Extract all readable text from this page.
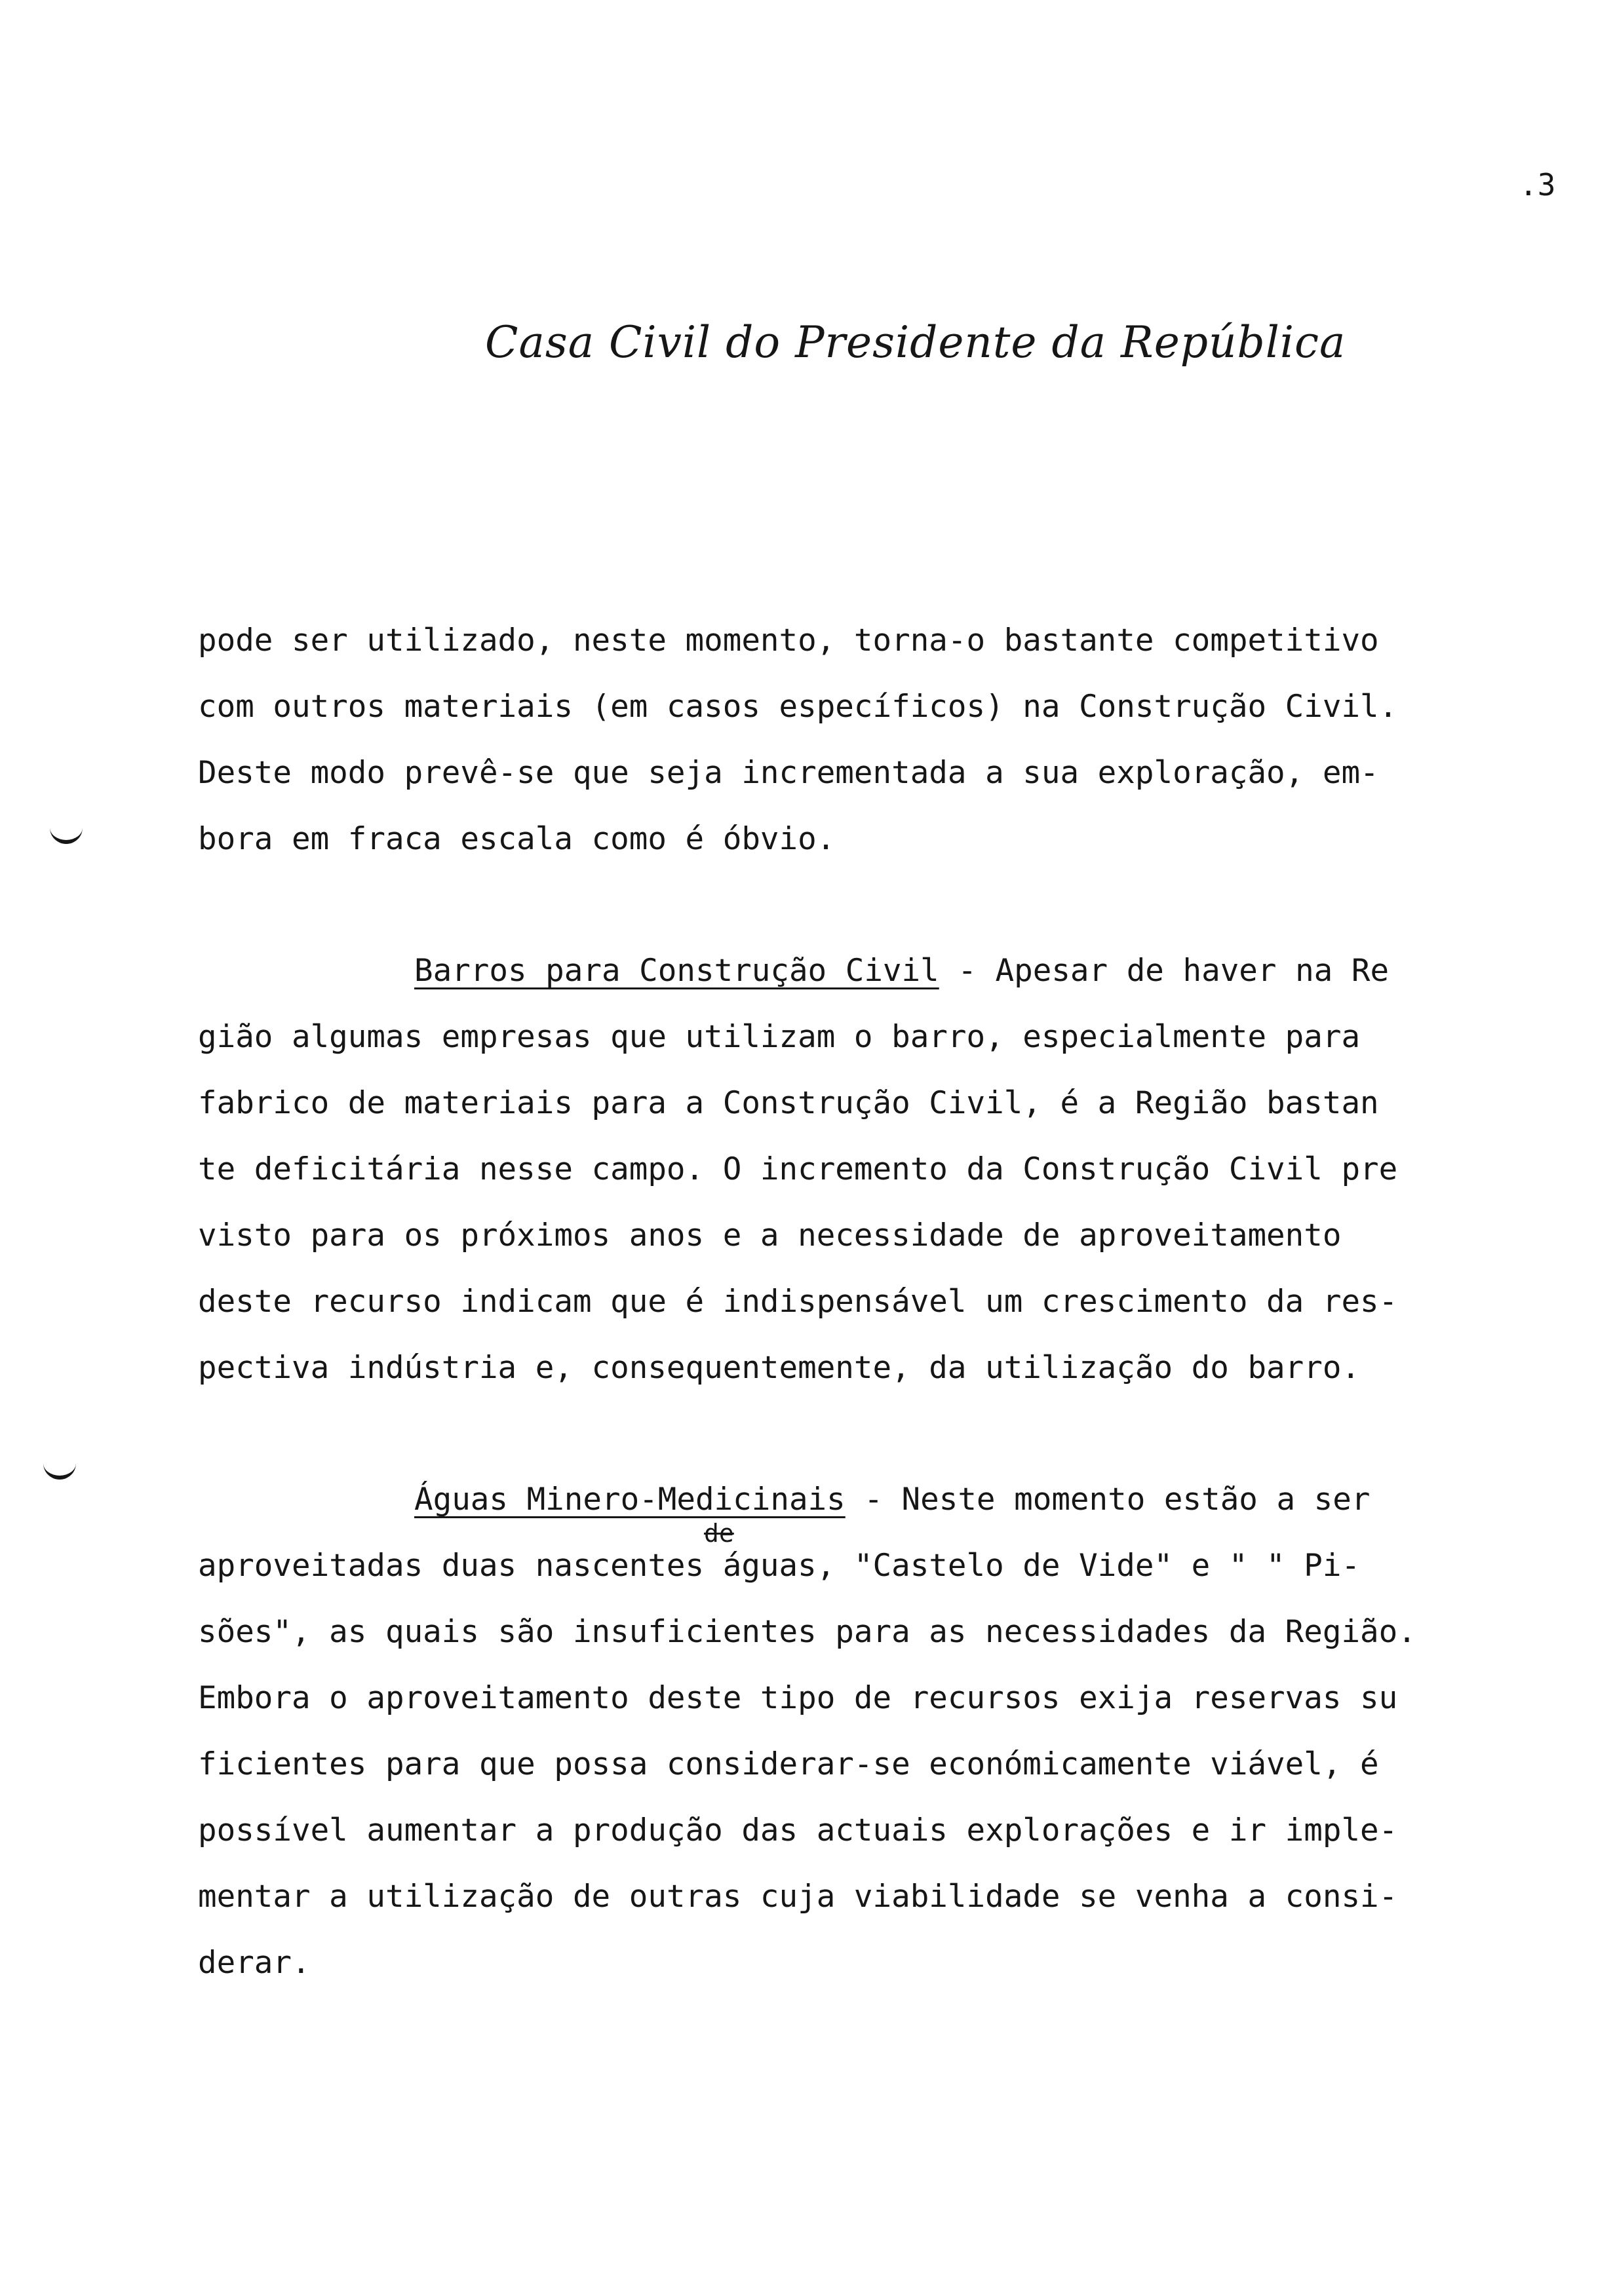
.3
Casa Civil do Presidente da República
pode ser utilizado, neste momento, torna-o bastante competitivo
com outros materiais (em casos específicos) na Construção Civil.
Deste modo prevê-se que seja incrementada a sua exploração, em-
bora em fraca escala como é óbvio.
Barros para Construção Civil - Apesar de haver na Re
gião algumas empresas que utilizam o barro, especialmente para
fabrico de materiais para a Construção Civil, é a Região bastan
te deficitária nesse campo. O incremento da Construção Civil pre
visto para os próximos anos e a necessidade de aproveitamento
deste recurso indicam que é indispensável um crescimento da res-
pectiva indústria e, consequentemente, da utilização do barro.
Águas Minero-Medicinais - Neste momento estão a ser
de
aproveitadas duas nascentes águas, "Castelo de Vide" e " " Pi-
sões", as quais são insuficientes para as necessidades da Região.
Embora o aproveitamento deste tipo de recursos exija reservas su
ficientes para que possa considerar-se económicamente viável, é
possível aumentar a produção das actuais explorações e ir imple-
mentar a utilização de outras cuja viabilidade se venha a consi-
derar.
